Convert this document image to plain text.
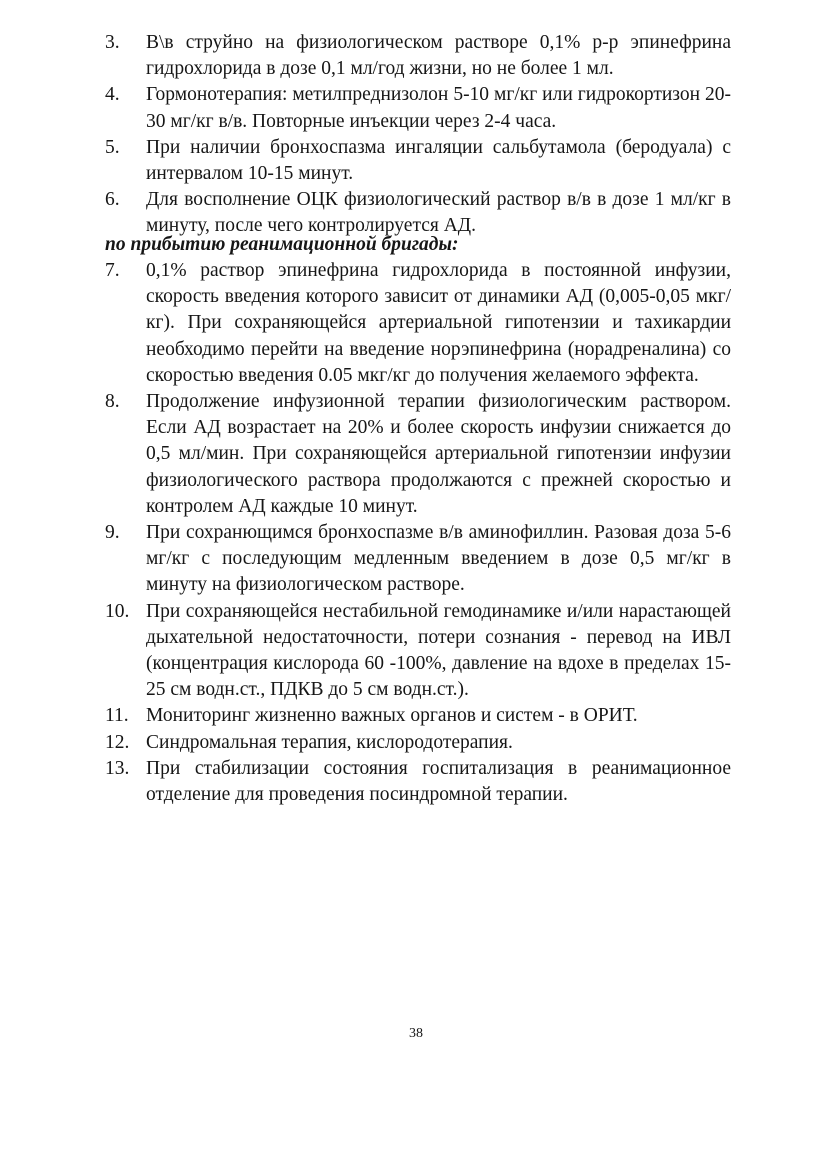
3.	В\в струйно на физиологическом растворе 0,1% р-р эпинефрина гидрохлорида в дозе 0,1 мл/год жизни, но не более 1 мл.
4.	Гормонотерапия: метилпреднизолон 5-10 мг/кг или гидрокортизон 20-30 мг/кг в/в. Повторные инъекции через 2-4 часа.
5.	При наличии бронхоспазма ингаляции сальбутамола (беродуала) с интервалом 10-15 минут.
6.	Для восполнение ОЦК физиологический раствор в/в в дозе 1 мл/кг в минуту, после чего контролируется АД.
по прибытию реанимационной бригады:
7.	0,1% раствор эпинефрина гидрохлорида в постоянной инфузии, скорость введения которого зависит от динамики АД (0,005-0,05 мкг/кг). При сохраняющейся артериальной гипотензии и тахикардии необходимо перейти на введение норэпинефрина (норадреналина) со скоростью введения 0.05 мкг/кг до получения желаемого эффекта.
8.	Продолжение инфузионной терапии физиологическим раствором. Если АД возрастает на 20% и более скорость инфузии снижается до 0,5 мл/мин. При сохраняющейся артериальной гипотензии инфузии физиологического раствора продолжаются с прежней скоростью и контролем АД каждые 10 минут.
9.	При сохранющимся бронхоспазме в/в аминофиллин. Разовая доза 5-6 мг/кг с последующим медленным введением в дозе 0,5 мг/кг в минуту на физиологическом растворе.
10. При сохраняющейся нестабильной гемодинамике и/или нарастающей дыхательной недостаточности, потери сознания - перевод на ИВЛ (концентрация кислорода 60 -100%, давление на вдохе в пределах 15-25 см водн.ст., ПДКВ до 5 см водн.ст.).
11. Мониторинг жизненно важных органов и систем - в ОРИТ.
12. Синдромальная терапия, кислородотерапия.
13. При стабилизации состояния госпитализация в реанимационное отделение для проведения посиндромной терапии.
38
